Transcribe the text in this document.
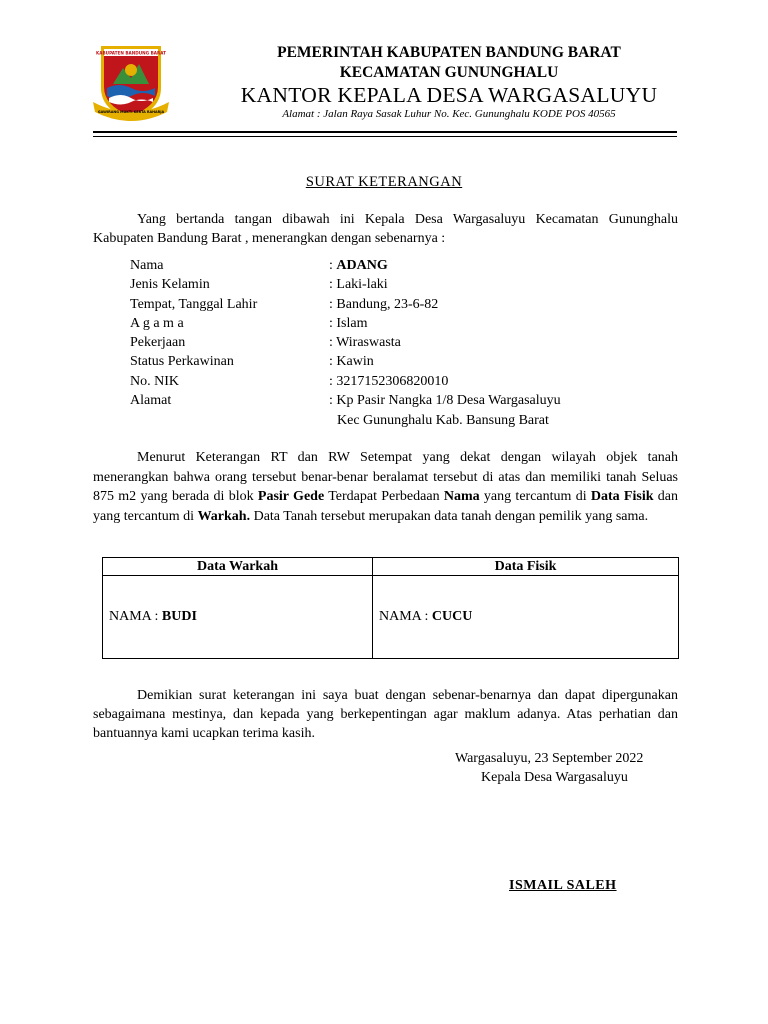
KABUPATEN BANDUNG BARAT
GAWIRANG MUKTI KERTA RAHARJA
PEMERINTAH KABUPATEN BANDUNG BARAT
KECAMATAN GUNUNGHALU
KANTOR KEPALA DESA WARGASALUYU
Alamat : Jalan Raya Sasak Luhur No. Kec. Gununghalu KODE POS 40565
SURAT KETERANGAN
Yang bertanda tangan dibawah ini Kepala Desa Wargasaluyu Kecamatan Gununghalu Kabupaten Bandung Barat , menerangkan dengan sebenarnya :
Nama	: ADANG
Jenis Kelamin	: Laki-laki
Tempat, Tanggal Lahir	: Bandung, 23-6-82
A g a m a	: Islam
Pekerjaan	: Wiraswasta
Status Perkawinan	: Kawin
No. NIK	: 3217152306820010
Alamat	: Kp Pasir Nangka 1/8 Desa Wargasaluyu
Kec Gununghalu Kab. Bansung Barat
Menurut Keterangan RT dan RW Setempat yang dekat dengan wilayah objek tanah menerangkan bahwa orang tersebut benar-benar beralamat tersebut di atas dan memiliki tanah Seluas 875 m2 yang berada di blok Pasir Gede Terdapat Perbedaan Nama yang tercantum di Data Fisik dan yang tercantum di Warkah. Data Tanah tersebut merupakan data tanah dengan pemilik yang sama.
Data Warkah	Data Fisik
NAMA : BUDI	NAMA : CUCU
Demikian surat keterangan ini saya buat dengan sebenar-benarnya dan dapat dipergunakan sebagaimana mestinya, dan kepada yang berkepentingan agar maklum adanya. Atas perhatian dan bantuannya kami ucapkan terima kasih.
Wargasaluyu, 23 September 2022
Kepala Desa Wargasaluyu
ISMAIL SALEH
